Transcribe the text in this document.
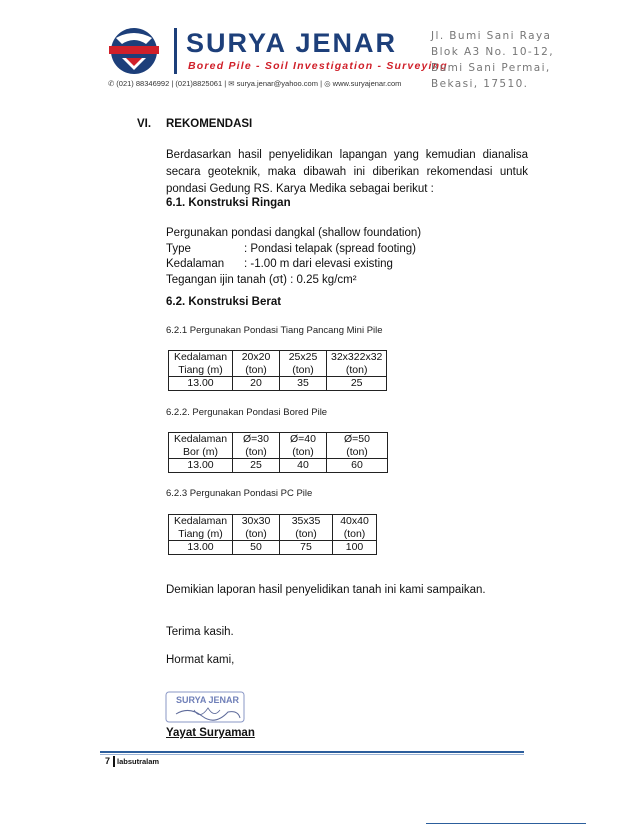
SURYA JENAR
Bored Pile - Soil Investigation - Surveying
Jl. Bumi Sani Raya
Blok A3 No. 10-12,
Bumi Sani Permai,
Bekasi, 17510.
✆ (021) 88346992 | (021)8825061 | ✉ surya.jenar@yahoo.com | ◎ www.suryajenar.com
VI. REKOMENDASI
Berdasarkan hasil penyelidikan lapangan yang kemudian dianalisa secara geoteknik, maka dibawah ini diberikan rekomendasi untuk pondasi Gedung RS. Karya Medika sebagai berikut :
6.1. Konstruksi Ringan
Pergunakan pondasi dangkal (shallow foundation)
Type	: Pondasi telapak (spread footing)
Kedalaman : -1.00 m dari elevasi existing
Tegangan ijin tanah (σt) : 0.25 kg/cm²
6.2. Konstruksi Berat
6.2.1 Pergunakan Pondasi Tiang Pancang Mini Pile
Kedalaman	20x20	25x25	32x322x32
Tiang (m)	(ton)	(ton)	(ton)
13.00	20	35	25
6.2.2. Pergunakan Pondasi Bored Pile
Kedalaman	Ø=30	Ø=40	Ø=50
Bor (m)	(ton)	(ton)	(ton)
13.00	25	40	60
6.2.3 Pergunakan Pondasi PC Pile
Kedalaman	30x30	35x35	40x40
Tiang (m)	(ton)	(ton)	(ton)
13.00	50	75	100
Demikian laporan hasil penyelidikan tanah ini kami sampaikan.
Terima kasih.
Hormat kami,
SURYA JENAR
Yayat Suryaman
7 labsutralam
